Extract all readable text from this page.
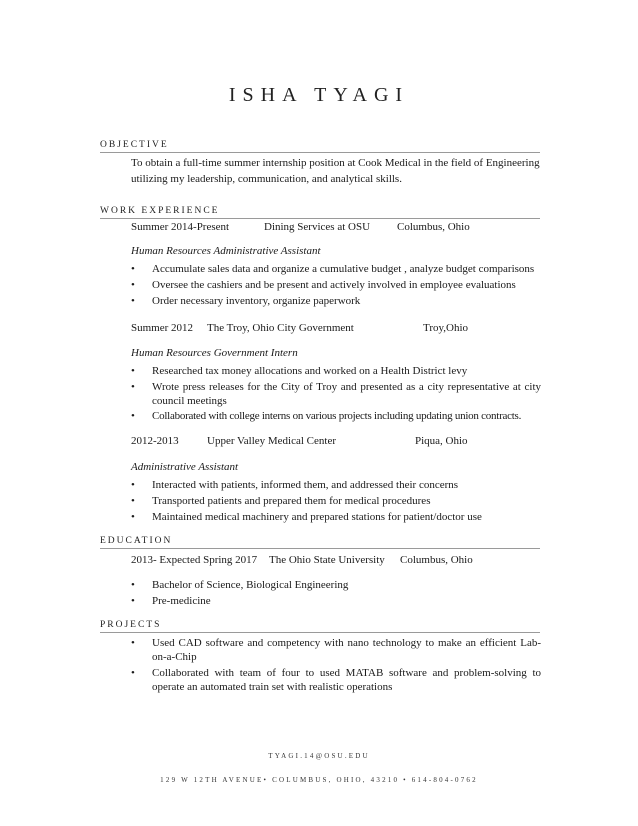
ISHA TYAGI
OBJECTIVE
To obtain a full-time summer internship position at Cook Medical in the field of Engineering utilizing my leadership, communication, and analytical skills.
WORK EXPERIENCE
Summer 2014-Present	Dining Services at OSU Columbus, Ohio
Human Resources Administrative Assistant
•	Accumulate sales data and organize a cumulative budget , analyze budget comparisons
•	Oversee the cashiers and be present and actively involved in employee evaluations
•	Order necessary inventory, organize paperwork
Summer 2012 The Troy, Ohio City Government	Troy,Ohio
Human Resources Government Intern
•	Researched tax money allocations and worked on a Health District levy
•	Wrote press releases for the City of Troy and presented as a city representative at city council meetings
•	Collaborated with college interns on various projects including updating union contracts.
2012-2013	Upper Valley Medical Center	Piqua, Ohio
Administrative Assistant
•	Interacted with patients, informed them, and addressed their concerns
•	Transported patients and prepared them for medical procedures
•	Maintained medical machinery and prepared stations for patient/doctor use
EDUCATION
2013- Expected Spring 2017 The Ohio State University Columbus, Ohio
•	Bachelor of Science, Biological Engineering
•	Pre-medicine
PROJECTS
•	Used CAD software and competency with nano technology to make an efficient Lab-on-a-Chip
•	Collaborated with team of four to used MATAB software and problem-solving to operate an automated train set with realistic operations
TYAGI.14@OSU.EDU
129 W 12TH AVENUE• COLUMBUS, OHIO, 43210 • 614-804-0762
